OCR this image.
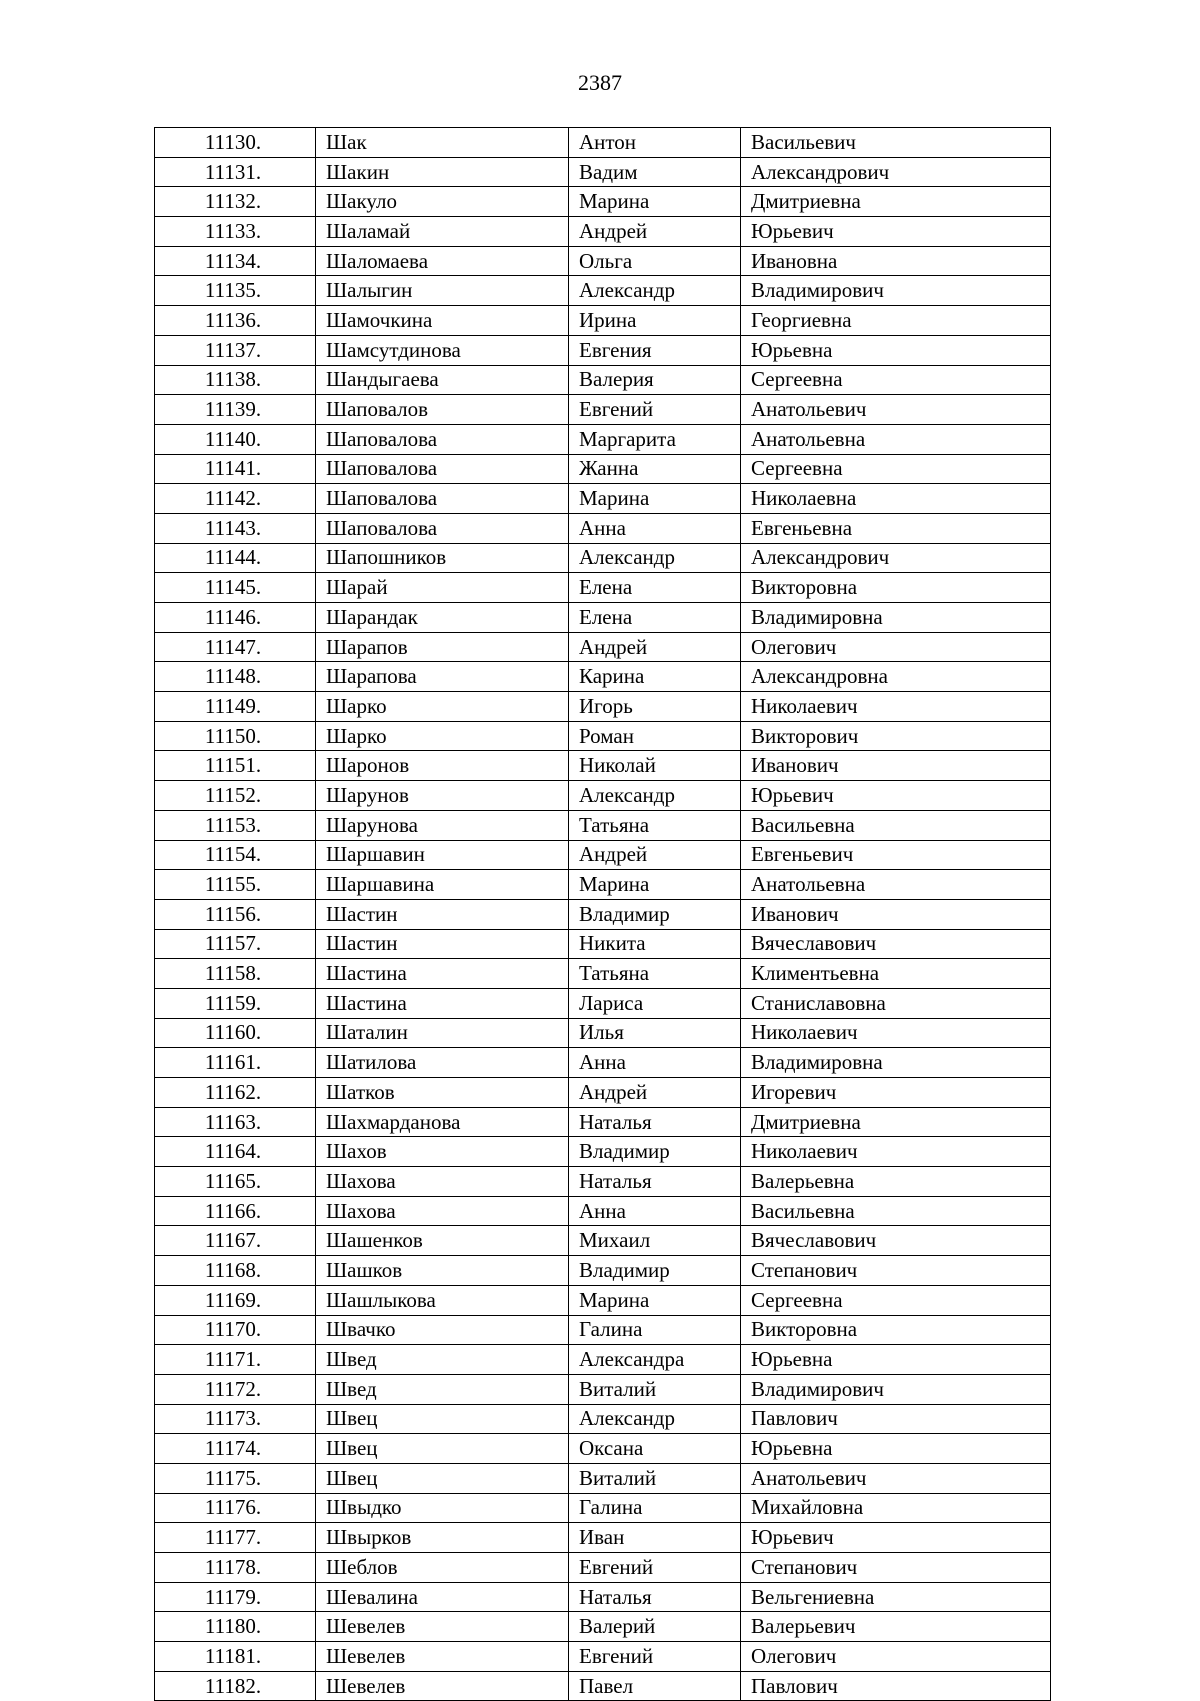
2387
11130.	Шак	Антон	Васильевич
11131.	Шакин	Вадим	Александрович
11132.	Шакуло	Марина	Дмитриевна
11133.	Шаламай	Андрей	Юрьевич
11134.	Шаломаева	Ольга	Ивановна
11135.	Шалыгин	Александр	Владимирович
11136.	Шамочкина	Ирина	Георгиевна
11137.	Шамсутдинова	Евгения	Юрьевна
11138.	Шандыгаева	Валерия	Сергеевна
11139.	Шаповалов	Евгений	Анатольевич
11140.	Шаповалова	Маргарита	Анатольевна
11141.	Шаповалова	Жанна	Сергеевна
11142.	Шаповалова	Марина	Николаевна
11143.	Шаповалова	Анна	Евгеньевна
11144.	Шапошников	Александр	Александрович
11145.	Шарай	Елена	Викторовна
11146.	Шарандак	Елена	Владимировна
11147.	Шарапов	Андрей	Олегович
11148.	Шарапова	Карина	Александровна
11149.	Шарко	Игорь	Николаевич
11150.	Шарко	Роман	Викторович
11151.	Шаронов	Николай	Иванович
11152.	Шарунов	Александр	Юрьевич
11153.	Шарунова	Татьяна	Васильевна
11154.	Шаршавин	Андрей	Евгеньевич
11155.	Шаршавина	Марина	Анатольевна
11156.	Шастин	Владимир	Иванович
11157.	Шастин	Никита	Вячеславович
11158.	Шастина	Татьяна	Климентьевна
11159.	Шастина	Лариса	Станиславовна
11160.	Шаталин	Илья	Николаевич
11161.	Шатилова	Анна	Владимировна
11162.	Шатков	Андрей	Игоревич
11163.	Шахмарданова	Наталья	Дмитриевна
11164.	Шахов	Владимир	Николаевич
11165.	Шахова	Наталья	Валерьевна
11166.	Шахова	Анна	Васильевна
11167.	Шашенков	Михаил	Вячеславович
11168.	Шашков	Владимир	Степанович
11169.	Шашлыкова	Марина	Сергеевна
11170.	Швачко	Галина	Викторовна
11171.	Швед	Александра	Юрьевна
11172.	Швед	Виталий	Владимирович
11173.	Швец	Александр	Павлович
11174.	Швец	Оксана	Юрьевна
11175.	Швец	Виталий	Анатольевич
11176.	Швыдко	Галина	Михайловна
11177.	Швырков	Иван	Юрьевич
11178.	Шеблов	Евгений	Степанович
11179.	Шевалина	Наталья	Вельгениевна
11180.	Шевелев	Валерий	Валерьевич
11181.	Шевелев	Евгений	Олегович
11182.	Шевелев	Павел	Павлович
